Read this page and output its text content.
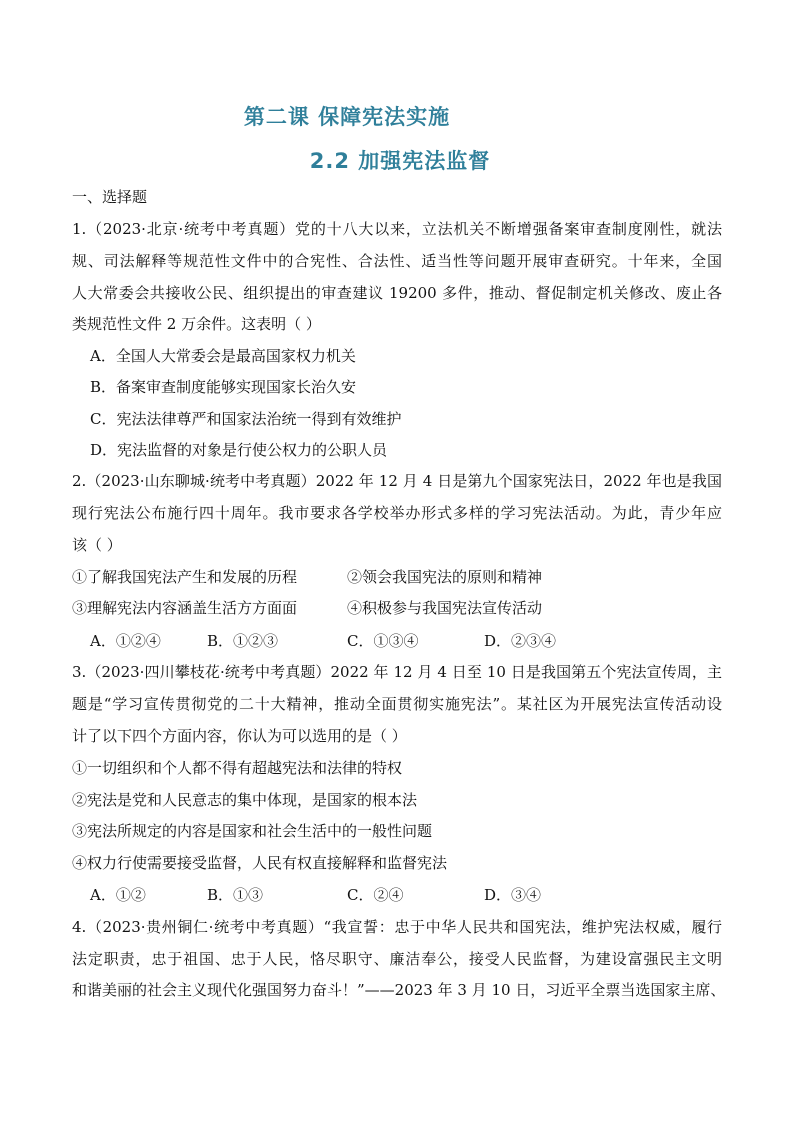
第二课 保障宪法实施
2.2 加强宪法监督
一、选择题
1.（2023·北京·统考中考真题）党的十八大以来，立法机关不断增强备案审查制度刚性，就法
规、司法解释等规范性文件中的合宪性、合法性、适当性等问题开展审查研究。十年来，全国
人大常委会共接收公民、组织提出的审查建议 19200 多件，推动、督促制定机关修改、废止各
类规范性文件 2 万余件。这表明（ ）
A．全国人大常委会是最高国家权力机关
B．备案审查制度能够实现国家长治久安
C．宪法法律尊严和国家法治统一得到有效维护
D．宪法监督的对象是行使公权力的公职人员
2.（2023·山东聊城·统考中考真题）2022 年 12 月 4 日是第九个国家宪法日，2022 年也是我国
现行宪法公布施行四十周年。我市要求各学校举办形式多样的学习宪法活动。为此，青少年应
该（ ）
①了解我国宪法产生和发展的历程	②领会我国宪法的原则和精神
③理解宪法内容涵盖生活方方面面	④积极参与我国宪法宣传活动
A．①②④	B．①②③	C．①③④	D．②③④
3.（2023·四川攀枝花·统考中考真题）2022 年 12 月 4 日至 10 日是我国第五个宪法宣传周，主
题是“学习宣传贯彻党的二十大精神，推动全面贯彻实施宪法”。某社区为开展宪法宣传活动设
计了以下四个方面内容，你认为可以选用的是（ ）
①一切组织和个人都不得有超越宪法和法律的特权
②宪法是党和人民意志的集中体现，是国家的根本法
③宪法所规定的内容是国家和社会生活中的一般性问题
④权力行使需要接受监督，人民有权直接解释和监督宪法
A．①②	B．①③	C．②④	D．③④
4.（2023·贵州铜仁·统考中考真题）“我宣誓：忠于中华人民共和国宪法，维护宪法权威，履行
法定职责，忠于祖国、忠于人民，恪尽职守、廉洁奉公，接受人民监督，为建设富强民主文明
和谐美丽的社会主义现代化强国努力奋斗！”——2023 年 3 月 10 日，习近平全票当选国家主席、
